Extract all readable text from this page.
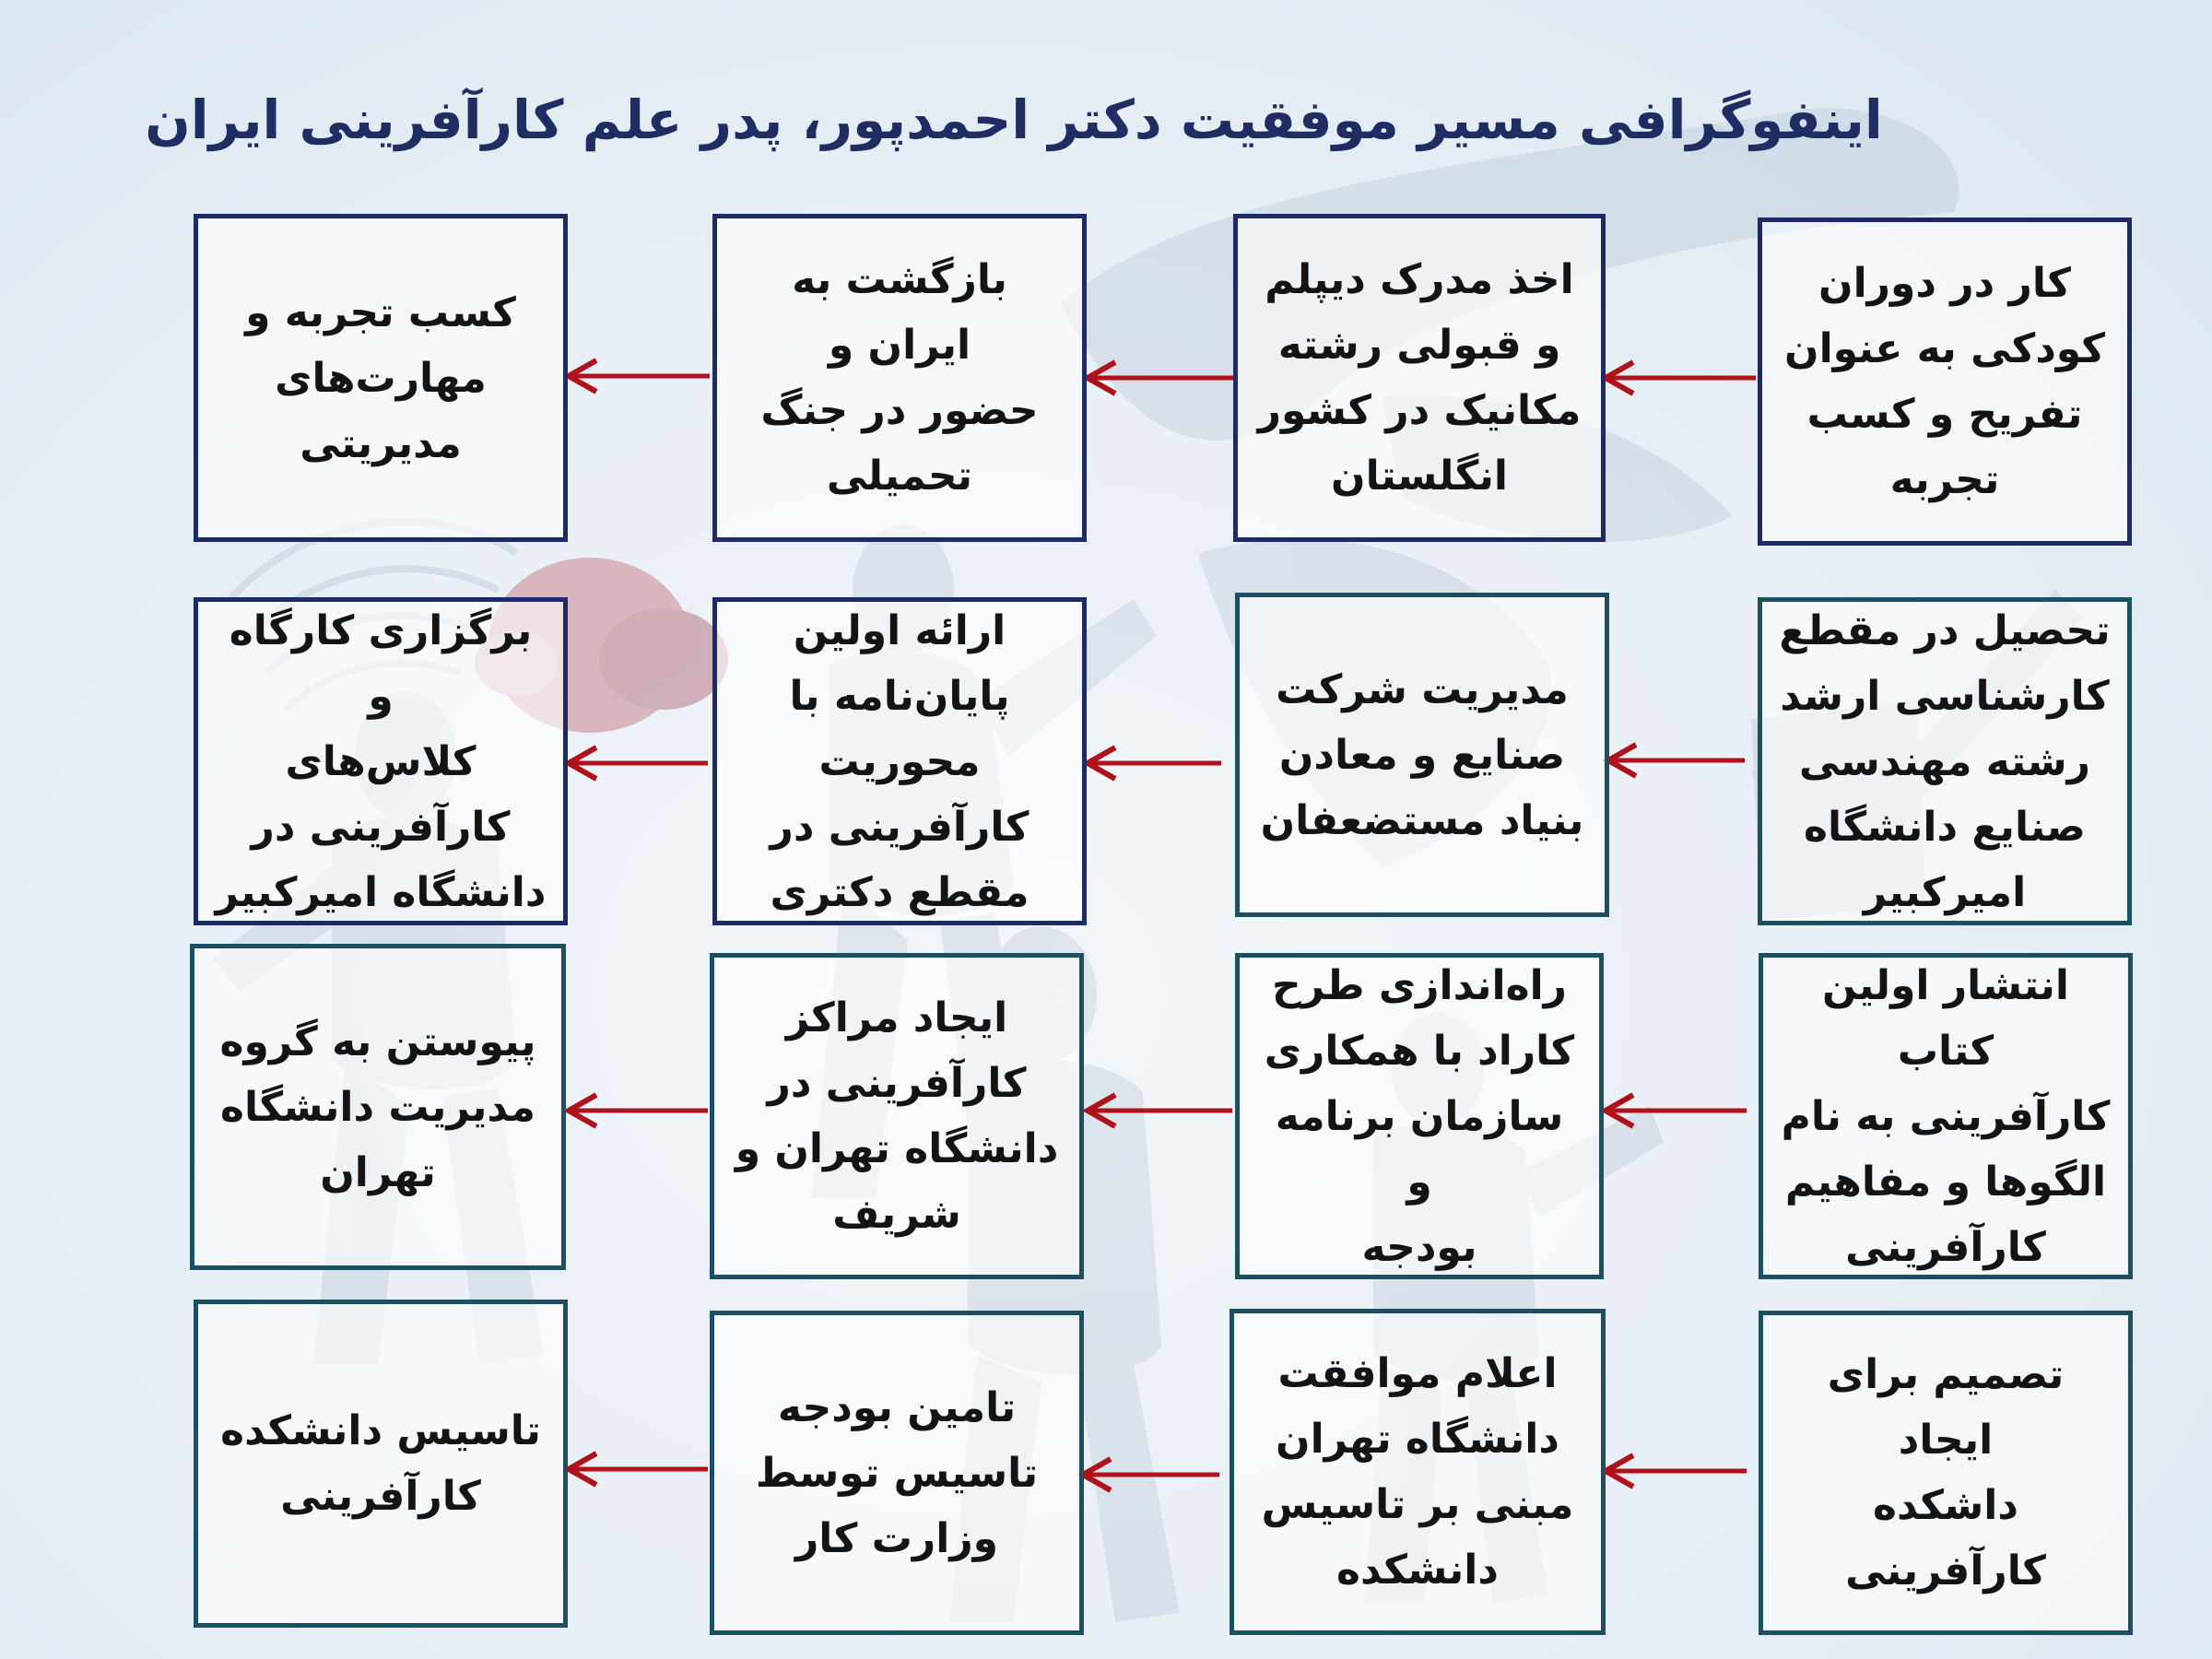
اینفوگرافی مسیر موفقیت دکتر احمدپور، پدر علم کارآفرینی ایران
کار در دوران
کودکی به عنوان
تفریح و کسب
تجربه
اخذ مدرک دیپلم
و قبولی رشته
مکانیک در کشور
انگلستان
بازگشت به ایران و
حضور در جنگ
تحمیلی
کسب تجربه و
مهارت‌های
مدیریتی
تحصیل در مقطع
کارشناسی ارشد
رشته مهندسی
صنایع دانشگاه
امیرکبیر
مدیریت شرکت
صنایع و معادن
بنیاد مستضعفان
ارائه اولین
پایان‌نامه با
محوریت
کارآفرینی در
مقطع دکتری
برگزاری کارگاه و
کلاس‌های
کارآفرینی در
دانشگاه امیرکبیر
انتشار اولین کتاب
کارآفرینی به نام
الگوها و مفاهیم
کارآفرینی
راه‌اندازی طرح
کاراد با همکاری
سازمان برنامه و
بودجه
ایجاد مراکز
کارآفرینی در
دانشگاه تهران و
شریف
پیوستن به گروه
مدیریت دانشگاه
تهران
تصمیم برای ایجاد
داشکده کارآفرینی
اعلام موافقت
دانشگاه تهران
مبنی بر تاسیس
دانشکده
تامین بودجه
تاسیس توسط
وزارت کار
تاسیس دانشکده
کارآفرینی
